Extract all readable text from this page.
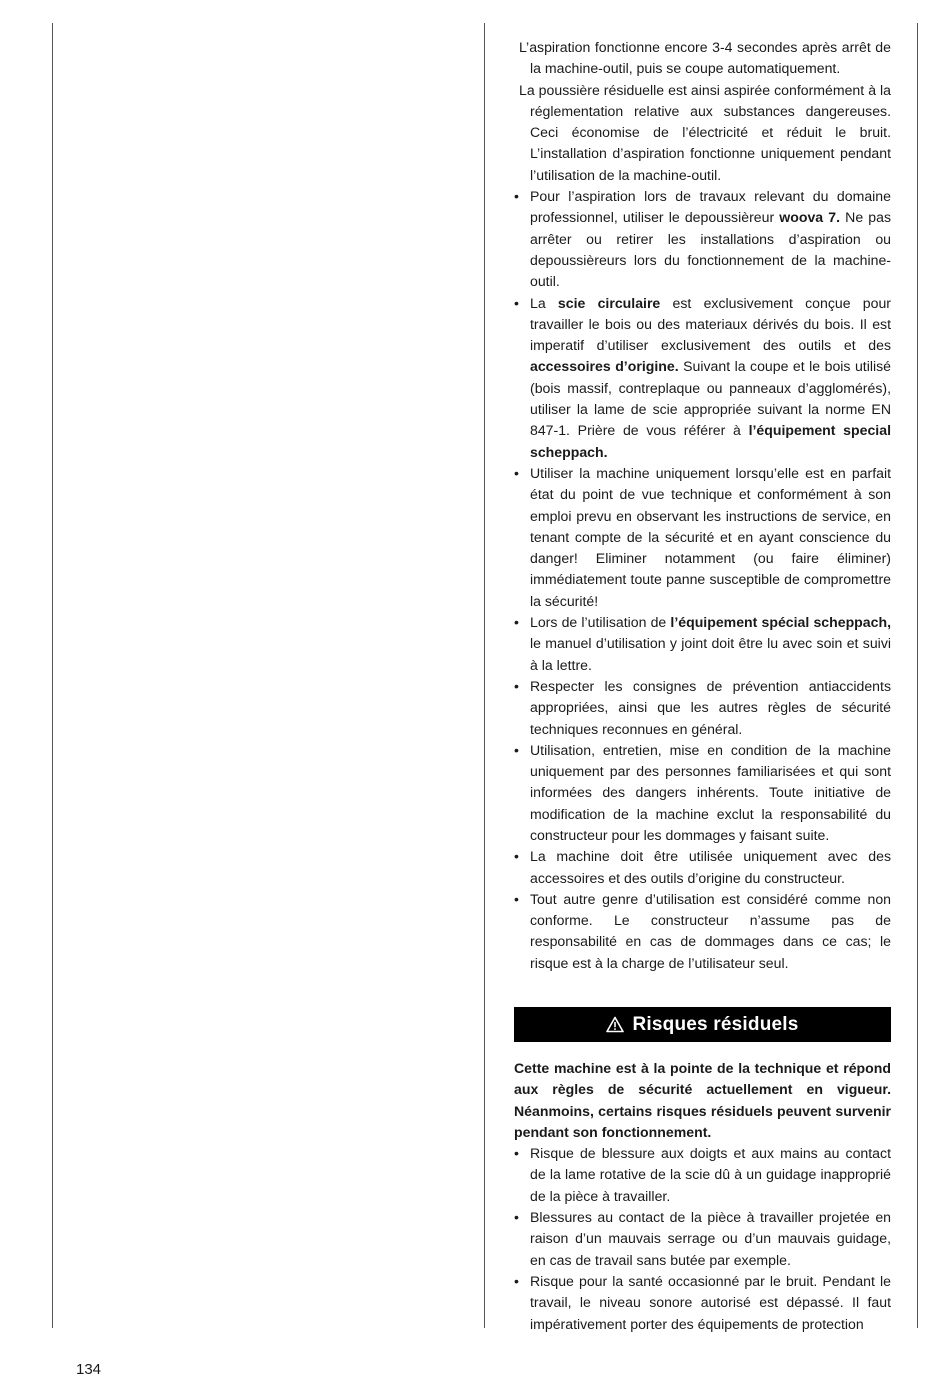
L’aspiration fonctionne encore 3-4 secondes après arrêt de la machine-outil, puis se coupe automatiquement.

La poussière résiduelle est ainsi aspirée conformément à la réglementation relative aux substances dangereuses. Ceci économise de l’électricité et réduit le bruit. L’installation d’aspiration fonctionne uniquement pendant l’utilisation de la machine-outil.

• Pour l’aspiration lors de travaux relevant du domaine professionnel, utiliser le depoussièreur woova 7. Ne pas arrêter ou retirer les installations d’aspiration ou depoussièreurs lors du fonctionnement de la machine-outil.

• La scie circulaire est exclusivement conçue pour travailler le bois ou des materiaux dérivés du bois. Il est imperatif d’utiliser exclusivement des outils et des accessoires d’origine. Suivant la coupe et le bois utilisé (bois massif, contreplaque ou panneaux d’agglomérés), utiliser la lame de scie appropriée suivant la norme EN 847-1. Prière de vous référer à l’équipement special scheppach.

• Utiliser la machine uniquement lorsqu’elle est en parfait état du point de vue technique et conformément à son emploi prevu en observant les instructions de service, en tenant compte de la sécurité et en ayant conscience du danger! Eliminer notamment (ou faire éliminer) immédiatement toute panne susceptible de compromettre la sécurité!

• Lors de l’utilisation de l’équipement spécial scheppach, le manuel d’utilisation y joint doit être lu avec soin et suivi à la lettre.

• Respecter les consignes de prévention antiaccidents appropriées, ainsi que les autres règles de sécurité techniques reconnues en général.

• Utilisation, entretien, mise en condition de la machine uniquement par des personnes familiarisées et qui sont informées des dangers inhérents. Toute initiative de modification de la machine exclut la responsabilité du constructeur pour les dommages y faisant suite.

• La machine doit être utilisée uniquement avec des accessoires et des outils d’origine du constructeur.

• Tout autre genre d’utilisation est considéré comme non conforme. Le constructeur n’assume pas de responsabilité en cas de dommages dans ce cas; le risque est à la charge de l’utilisateur seul.

Risques résiduels

Cette machine est à la pointe de la technique et répond aux règles de sécurité actuellement en vigueur. Néanmoins, certains risques résiduels peuvent survenir pendant son fonctionnement.

• Risque de blessure aux doigts et aux mains au contact de la lame rotative de la scie dû à un guidage inapproprié de la pièce à travailler.

• Blessures au contact de la pièce à travailler projetée en raison d’un mauvais serrage ou d’un mauvais guidage, en cas de travail sans butée par exemple.

• Risque pour la santé occasionné par le bruit. Pendant le travail, le niveau sonore autorisé est dépassé. Il faut impérativement porter des équipements de protection

134
